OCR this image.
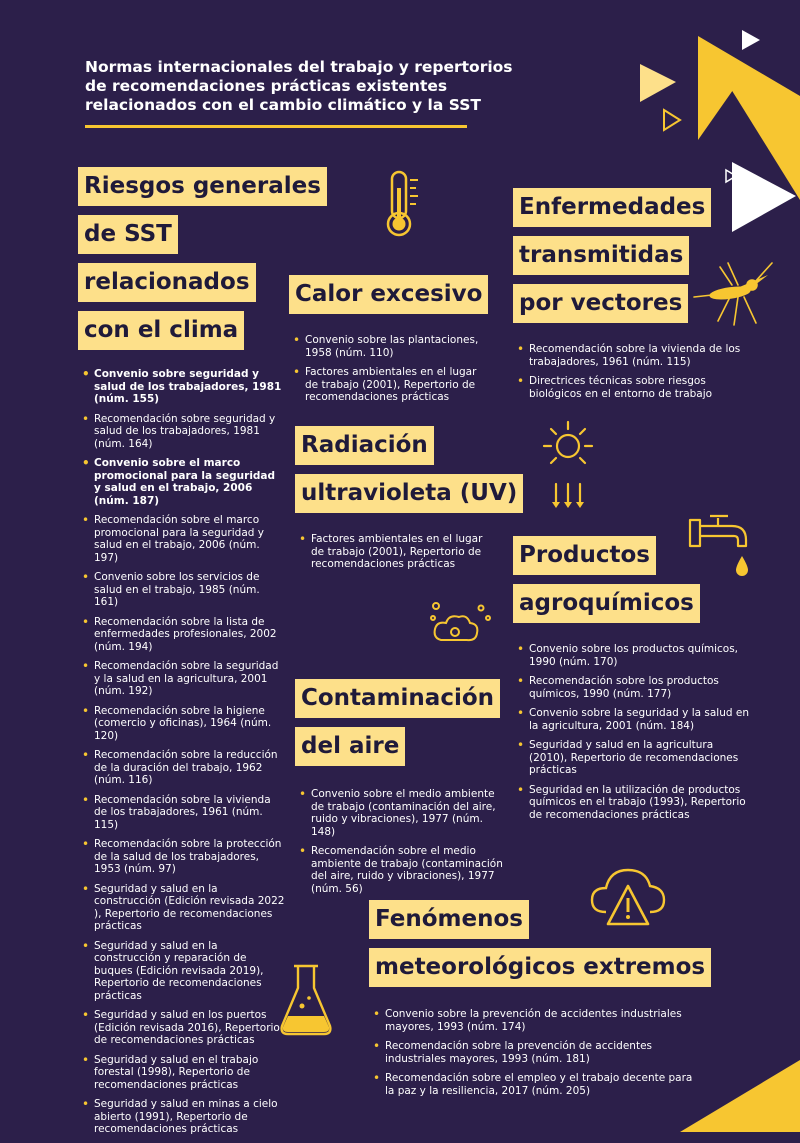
Normas internacionales del trabajo y repertorios
de recomendaciones prácticas existentes
relacionados con el cambio climático y la SST
Riesgos generales
de SST
relacionados
con el clima
• Convenio sobre seguridad y salud de los trabajadores, 1981 (núm. 155)
• Recomendación sobre seguridad y salud de los trabajadores, 1981 (núm. 164)
• Convenio sobre el marco promocional para la seguridad y salud en el trabajo, 2006 (núm. 187)
• Recomendación sobre el marco promocional para la seguridad y salud en el trabajo, 2006 (núm. 197)
• Convenio sobre los servicios de salud en el trabajo, 1985 (núm. 161)
• Recomendación sobre la lista de enfermedades profesionales, 2002 (núm. 194)
• Recomendación sobre la seguridad y la salud en la agricultura, 2001 (núm. 192)
• Recomendación sobre la higiene (comercio y oficinas), 1964 (núm. 120)
• Recomendación sobre la reducción de la duración del trabajo, 1962 (núm. 116)
• Recomendación sobre la vivienda de los trabajadores, 1961 (núm. 115)
• Recomendación sobre la protección de la salud de los trabajadores, 1953 (núm. 97)
• Seguridad y salud en la construcción (Edición revisada 2022 ), Repertorio de recomendaciones prácticas
• Seguridad y salud en la construcción y reparación de buques (Edición revisada 2019), Repertorio de recomendaciones prácticas
• Seguridad y salud en los puertos (Edición revisada 2016), Repertorio de recomendaciones prácticas
• Seguridad y salud en el trabajo forestal (1998), Repertorio de recomendaciones prácticas
• Seguridad y salud en minas a cielo abierto (1991), Repertorio de recomendaciones prácticas
Calor excesivo
• Convenio sobre las plantaciones, 1958 (núm. 110)
• Factores ambientales en el lugar de trabajo (2001), Repertorio de recomendaciones prácticas
Radiación
ultravioleta (UV)
• Factores ambientales en el lugar de trabajo (2001), Repertorio de recomendaciones prácticas
Contaminación
del aire
• Convenio sobre el medio ambiente de trabajo (contaminación del aire, ruido y vibraciones), 1977 (núm. 148)
• Recomendación sobre el medio ambiente de trabajo (contaminación del aire, ruido y vibraciones), 1977 (núm. 56)
Enfermedades
transmitidas
por vectores
• Recomendación sobre la vivienda de los trabajadores, 1961 (núm. 115)
• Directrices técnicas sobre riesgos biológicos en el entorno de trabajo
Productos
agroquímicos
• Convenio sobre los productos químicos, 1990 (núm. 170)
• Recomendación sobre los productos químicos, 1990 (núm. 177)
• Convenio sobre la seguridad y la salud en la agricultura, 2001 (núm. 184)
• Seguridad y salud en la agricultura (2010), Repertorio de recomendaciones prácticas
• Seguridad en la utilización de productos químicos en el trabajo (1993), Repertorio de recomendaciones prácticas
Fenómenos
meteorológicos extremos
• Convenio sobre la prevención de accidentes industriales mayores, 1993 (núm. 174)
• Recomendación sobre la prevención de accidentes industriales mayores, 1993 (núm. 181)
• Recomendación sobre el empleo y el trabajo decente para la paz y la resiliencia, 2017 (núm. 205)
